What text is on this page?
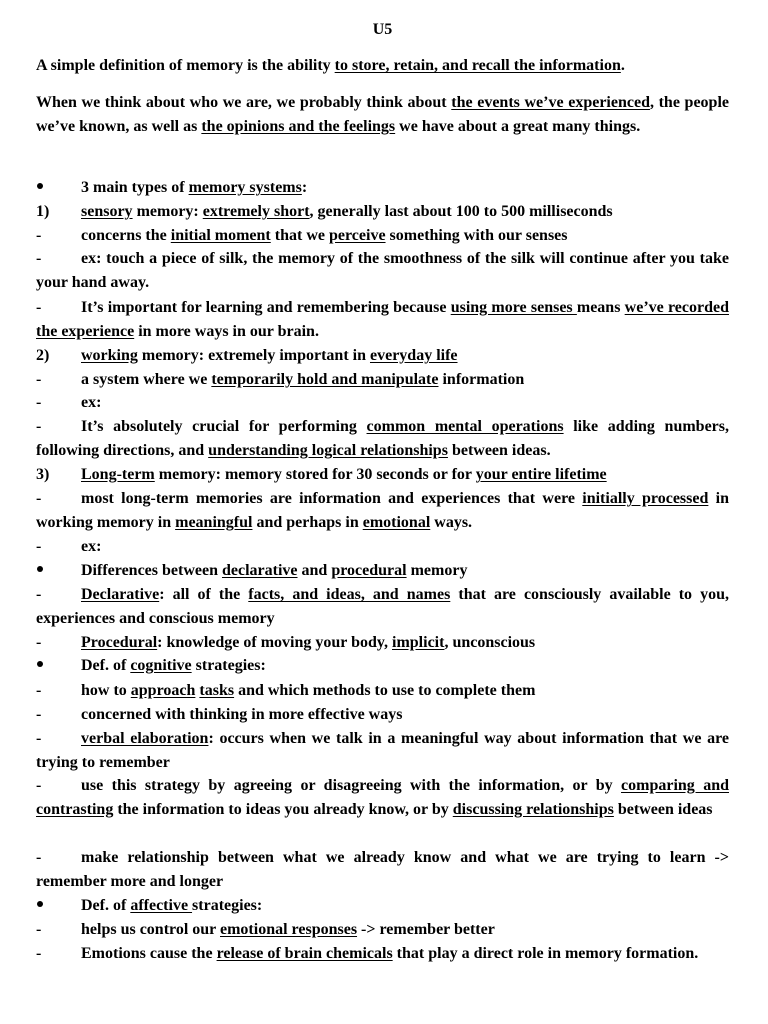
U5
A simple definition of memory is the ability to store, retain, and recall the information.
When we think about who we are, we probably think about the events we’ve experienced, the people we’ve known, as well as the opinions and the feelings we have about a great many things.
3 main types of memory systems:
1) sensory memory: extremely short, generally last about 100 to 500 milliseconds
- concerns the initial moment that we perceive something with our senses
- ex: touch a piece of silk, the memory of the smoothness of the silk will continue after you take your hand away.
- It’s important for learning and remembering because using more senses means we’ve recorded the experience in more ways in our brain.
2) working memory: extremely important in everyday life
- a system where we temporarily hold and manipulate information
- ex:
- It’s absolutely crucial for performing common mental operations like adding numbers, following directions, and understanding logical relationships between ideas.
3) Long-term memory: memory stored for 30 seconds or for your entire lifetime
- most long-term memories are information and experiences that were initially processed in working memory in meaningful and perhaps in emotional ways.
- ex:
Differences between declarative and procedural memory
- Declarative: all of the facts, and ideas, and names that are consciously available to you, experiences and conscious memory
- Procedural: knowledge of moving your body, implicit, unconscious
Def. of cognitive strategies:
- how to approach tasks and which methods to use to complete them
- concerned with thinking in more effective ways
- verbal elaboration: occurs when we talk in a meaningful way about information that we are trying to remember
- use this strategy by agreeing or disagreeing with the information, or by comparing and contrasting the information to ideas you already know, or by discussing relationships between ideas
- make relationship between what we already know and what we are trying to learn -> remember more and longer
Def. of affective strategies:
- helps us control our emotional responses -> remember better
- Emotions cause the release of brain chemicals that play a direct role in memory formation.
